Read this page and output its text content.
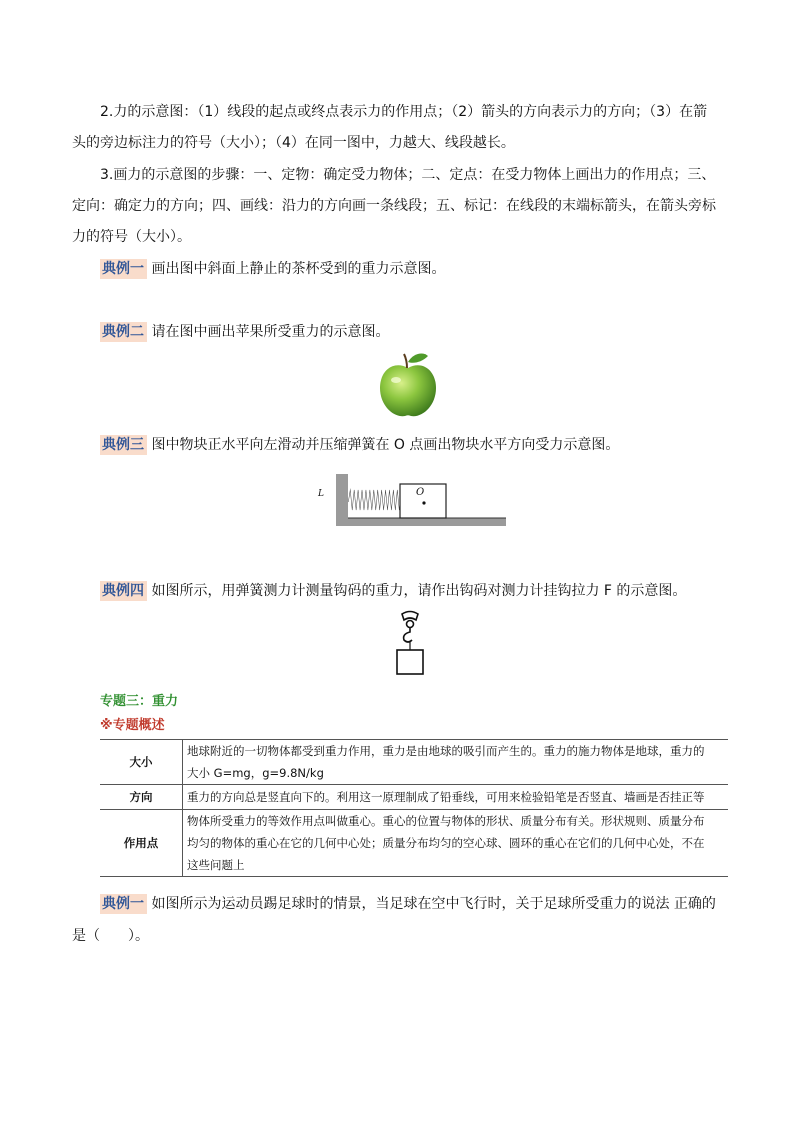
2.力的示意图：（1）线段的起点或终点表示力的作用点；（2）箭头的方向表示力的方向；（3）在箭
头的旁边标注力的符号（大小）；（4）在同一图中，力越大、线段越长。
3.画力的示意图的步骤：一、定物：确定受力物体；二、定点：在受力物体上画出力的作用点；三、
定向：确定力的方向；四、画线：沿力的方向画一条线段；五、标记：在线段的末端标箭头，在箭头旁标
力的符号（大小）。
典例一 画出图中斜面上静止的茶杯受到的重力示意图。
典例二 请在图中画出苹果所受重力的示意图。
典例三 图中物块正水平向左滑动并压缩弹簧在 O 点画出物块水平方向受力示意图。
L	O
典例四 如图所示，用弹簧测力计测量钩码的重力，请作出钩码对测力计挂钩拉力 F 的示意图。
专题三：重力
※专题概述
大小	地球附近的一切物体都受到重力作用，重力是由地球的吸引而产生的。重力的施力物体是地球，重力的
大小 G=mg，g=9.8N/kg

方向	重力的方向总是竖直向下的。利用这一原理制成了铅垂线，可用来检验铅笔是否竖直、墙画是否挂正等

作用点	物体所受重力的等效作用点叫做重心。重心的位置与物体的形状、质量分布有关。形状规则、质量分布
均匀的物体的重心在它的几何中心处；质量分布均匀的空心球、圆环的重心在它们的几何中心处，不在
这些问题上
典例一 如图所示为运动员踢足球时的情景，当足球在空中飞行时，关于足球所受重力的说法 正确的
是（　　）。
